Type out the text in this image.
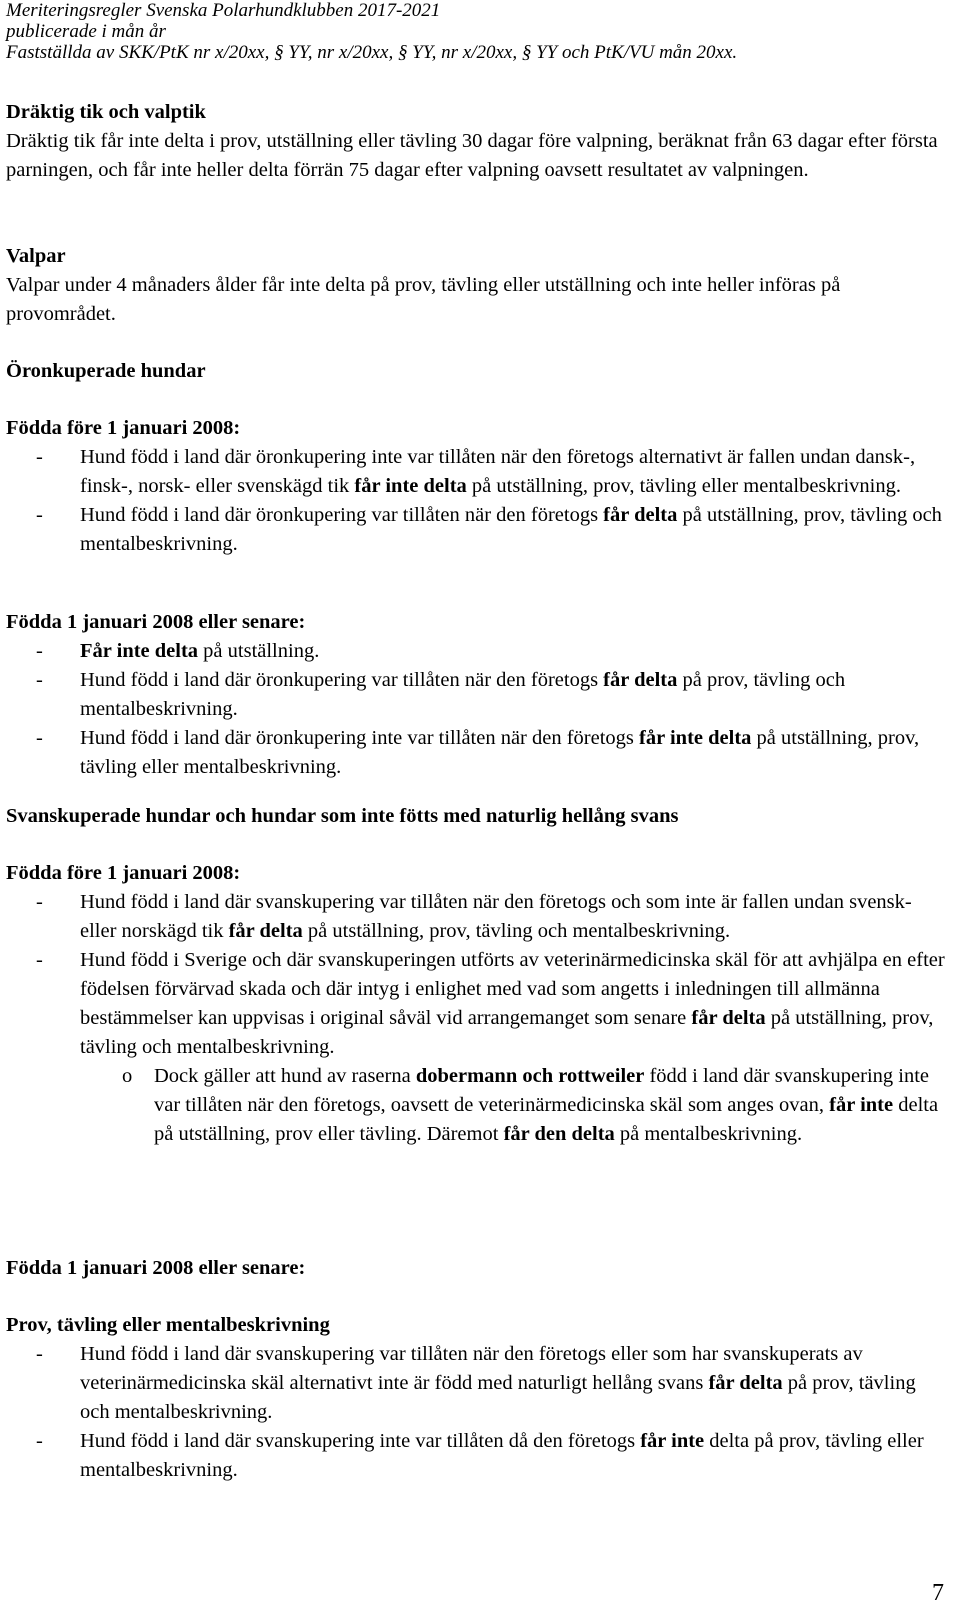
Meriteringsregler Svenska Polarhundklubben 2017-2021
publicerade i mån år
Fastställda av SKK/PtK nr x/20xx, § YY, nr x/20xx, § YY, nr x/20xx, § YY och PtK/VU mån 20xx.

Dräktig tik och valptik

Dräktig tik får inte delta i prov, utställning eller tävling 30 dagar före valpning, beräknat från 63 dagar efter första parningen, och får inte heller delta förrän 75 dagar efter valpning oavsett resultatet av valpningen.

Valpar

Valpar under 4 månaders ålder får inte delta på prov, tävling eller utställning och inte heller införas på provområdet.

Öronkuperade hundar

Födda före 1 januari 2008:

- Hund född i land där öronkupering inte var tillåten när den företogs alternativt är fallen undan dansk-, finsk-, norsk- eller svenskägd tik får inte delta på utställning, prov, tävling eller mentalbeskrivning.
- Hund född i land där öronkupering var tillåten när den företogs får delta på utställning, prov, tävling och mentalbeskrivning.

Födda 1 januari 2008 eller senare:

- Får inte delta på utställning.
- Hund född i land där öronkupering var tillåten när den företogs får delta på prov, tävling och mentalbeskrivning.
- Hund född i land där öronkupering inte var tillåten när den företogs får inte delta på utställning, prov, tävling eller mentalbeskrivning.

Svanskuperade hundar och hundar som inte fötts med naturlig hellång svans

Födda före 1 januari 2008:

- Hund född i land där svanskupering var tillåten när den företogs och som inte är fallen undan svensk- eller norskägd tik får delta på utställning, prov, tävling och mentalbeskrivning.
- Hund född i Sverige och där svanskuperingen utförts av veterinärmedicinska skäl för att avhjälpa en efter födelsen förvärvad skada och där intyg i enlighet med vad som angetts i inledningen till allmänna bestämmelser kan uppvisas i original såväl vid arrangemanget som senare får delta på utställning, prov, tävling och mentalbeskrivning.
o Dock gäller att hund av raserna dobermann och rottweiler född i land där svanskupering inte var tillåten när den företogs, oavsett de veterinärmedicinska skäl som anges ovan, får inte delta på utställning, prov eller tävling. Däremot får den delta på mentalbeskrivning.

Födda 1 januari 2008 eller senare:

Prov, tävling eller mentalbeskrivning

- Hund född i land där svanskupering var tillåten när den företogs eller som har svanskuperats av veterinärmedicinska skäl alternativt inte är född med naturligt hellång svans får delta på prov, tävling och mentalbeskrivning.
- Hund född i land där svanskupering inte var tillåten då den företogs får inte delta på prov, tävling eller mentalbeskrivning.
7
